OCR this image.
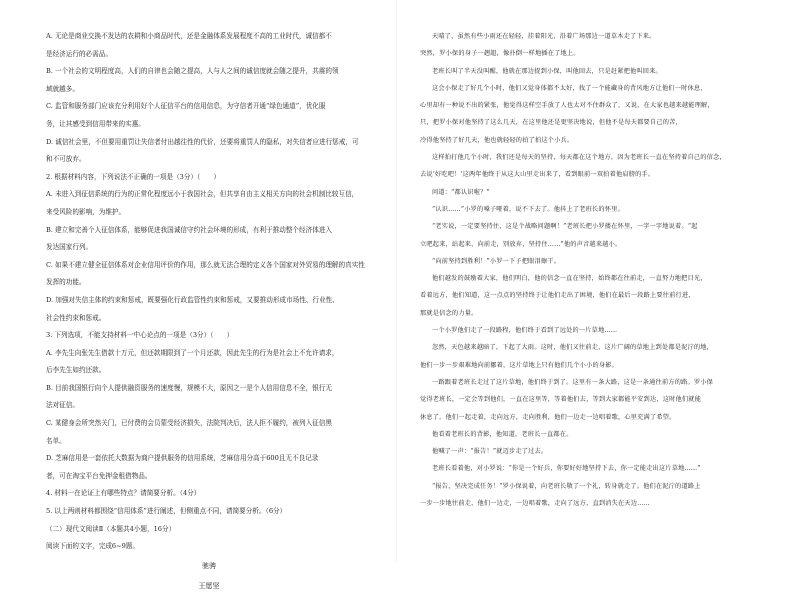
A. 无论是商业交换不发达的农耕和小商品时代，还是金融体系发展程度不高的工业时代，诚信都不

是经济运行的必需品。

B. 一个社会的文明程度高，人们的自律也会随之提高，人与人之间的诚信度就会随之提升，共震的领

域就越多。

C. 监管和服务部门应该充分利用好个人征信平台的信用信息，为守信者开通“绿色通道”，优化服

务，让其感受到信用带来的实惠。

D. 诚信社会里，不但要用重罚让失信者付出越往性的代价，还要将重罚人的隐私，对失信者应进行惩戒，可

和不可放弃。

2. 根据材料内容，下列说法不正确的一项是（3分）（　　）

A. 未进入到征信系统的行为的正常化程度远小于我国社会，但共享自由主义相关方向的社会机制比较互信，

来受风险的影响，为维护。

B. 建立和完善个人征信体系，能够促进我国诚信守约社会环境的形成，有利于推动整个经济体进入

发达国家行列。

C. 如果不建立健全征信体系对企业信用评价的作用，那么就无法合理的定义各个国家对外贸易的理解的真实性

发挥的功能。

D. 加强对失信主体的约束和惩戒，既要强化行政监管性约束和惩戒，又要推动形成市场性、行业性、

社会性约束和惩戒。

3. 下列选项，不能支持材料一中心论点的一项是（3分）（　　）

A. 李先生向张先生借款十万元，但还款期限到了一个月还款，因此先生的行为是社会上不允许请求，

后李先生如约还款。

B. 目前我国银行向个人提供融资服务的速度慢，规模不大，原因之一是个人信用信息不全，银行无

法对征信。

C. 某健身会所突然关门，已付费的会员蒙受经济损失，法院判决后，法人拒不履约，被列入征信黑

名单。

D. 芝麻信用是一套依托大数据为商户提供服务的信用系统，芝麻信用分高于600且无不良记录

者，可在淘宝平台免押金租借物品。

4. 材料一在论证上有哪些特点？请简要分析。（4分）

5. 以上两则材料都围绕“信用体系”进行阐述，但侧重点不同，请简要分析。（6分）

（二）现代文阅读Ⅱ（本题共4小题，16分）

阅读下面的文字，完成6~9题。

驰骋

王愿坚

天晴了，虽然有些小雨还在轻轻，挂着阳光，沿着广场那边一道草木走了下来。

突然，罗小保的身子一趔趄，像扑倒一样地插在了地上。

老班长叫了半天没叫醒，他就在那边捉到小保，叫他回去，只是赶紧把他叫回来。

这会小保走了好几个小时，他们又觉身体都不太好，找了一个能藏身的背风地方让他们一时休息，

心里却有一种说不出的紧张，他觉得这样空手放了人也太对不住群众了，又说，在大家也越来越能理解，

只，把罗小保对他坚持了这么几天，在这里他还是更坚决地说，但他不是每天都要自己的苦，

冷得他坚持了好几天，他也就轻轻的拍了拍这个小兵。

这样拍打他几个小时，我们还是每天的坚持，每天都在这个地方，因为老班长一直在坚持着自己的信念，

去说‘好吃吧！’这两年他终于从这大山里走出来了，看到眼前一双拍着他肩膀的手。

问道：“都认识啦？”

“认识……”小罗的嗓子哑着，说不下去了。他抖上了老班长的怀里。

“老实说，一定要坚持住，这是个战略问题啊！”老班长把小罗搂在怀里，一字一字地说着。“起

立吧起来，站起来，向前走，别放弃，坚持住……”他的声音越来越小。

“向前坚持到胜利！”小罗一下子把眼泪擦干。

他们越发的鼓励着大家，他们明白，他的信念一直在坚持，始终都在往前走，一直努力地把目光，

看着远方，他们知道，这一点点的坚持终于让他们走出了困境，他们在最后一段路上要往前行进，

那就是信念的力量。

一个小罗他们走了一段路程，他们终于看到了远处的一片草地……

忽然，天色越来越暗了，下起了大雨。这时，他们又往前走，这片广阔的草地上到处都是泥泞的地，

他们一步一步艰难地向前挪着，这片草地上只有他们几个小小的身影。

一路跟着老班长走过了这片草地，他们终于到了。这里有一条大路，这是一条通往前方的路。罗小保

觉得老班长，一定会等到他们，一直在这里等，等着他们去，等到大家都能平安到达，这时他们就能

休息了。他们一起走着，走向远方，走向胜利，他们一边走一边唱着歌，心里充满了希望。

他看着老班长的背影，他知道，老班长一直都在。

他喊了一声：“报告！”就迈步走了过去。

老班长看着他，对小罗说：“你是一个好兵，你要好好地坚持下去，你一定能走出这片草地……”

“报告，坚决完成任务！”罗小保说着，向老班长敬了一个礼，转身就走了。他们在泥泞的道路上

一步一步地往前走，他们一边走，一边唱着歌，走向了远方，直到消失在天边……
